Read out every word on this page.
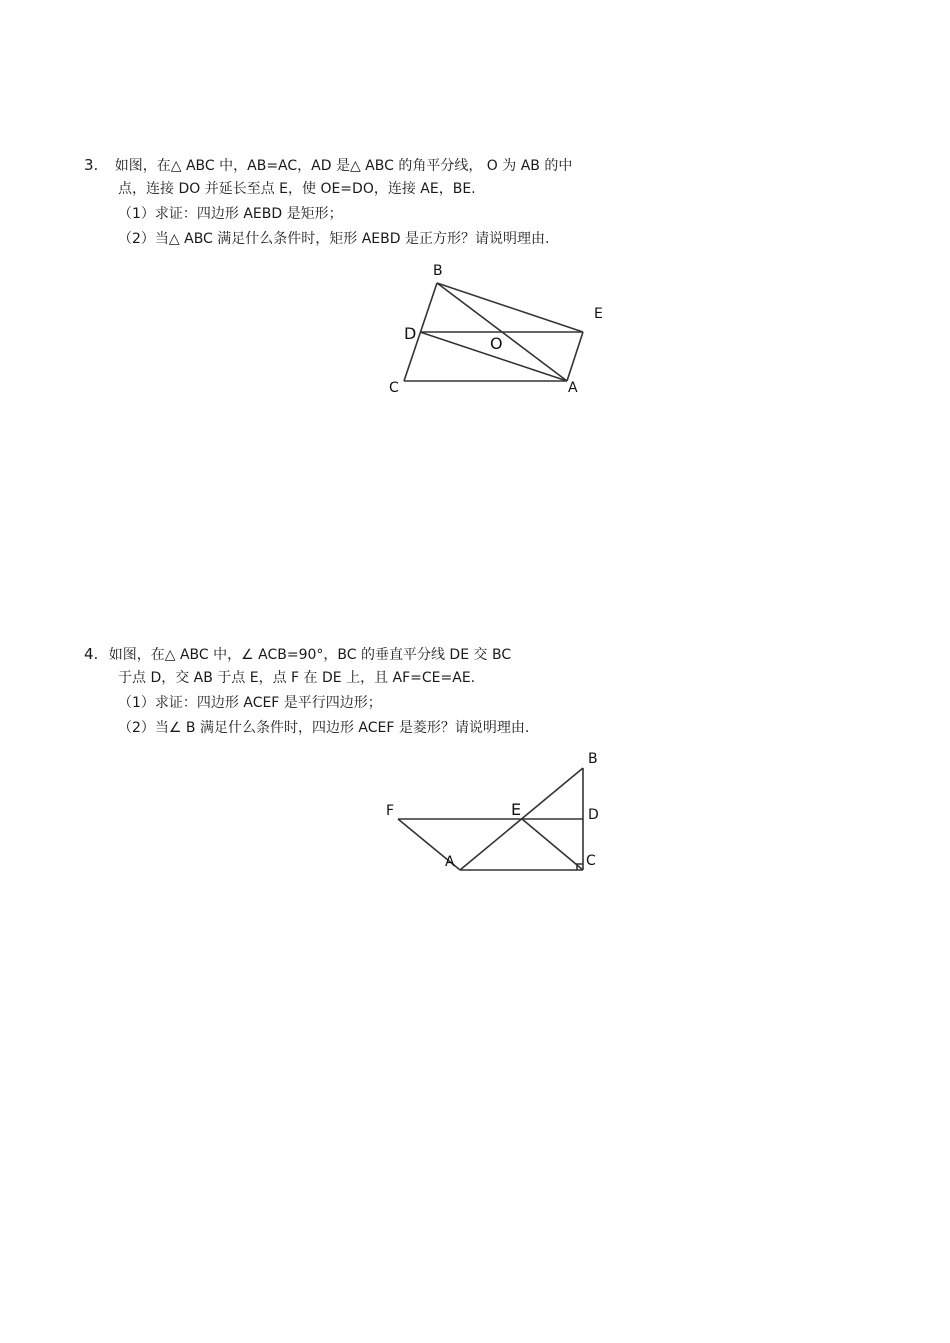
3. 如图，在△ ABC 中，AB=AC，AD 是△ ABC 的角平分线， O 为 AB 的中
点，连接 DO 并延长至点 E，使 OE=DO，连接 AE，BE.
（1）求证：四边形 AEBD 是矩形；
（2）当△ ABC 满足什么条件时，矩形 AEBD 是正方形？请说明理由.
B
E
D
O
C	A
4. 如图，在△ ABC 中，∠ ACB=90°，BC 的垂直平分线 DE 交 BC
于点 D，交 AB 于点 E，点 F 在 DE 上，且 AF=CE=AE.
（1）求证：四边形 ACEF 是平行四边形；
（2）当∠ B 满足什么条件时，四边形 ACEF 是菱形？请说明理由.
B
E	D
F
A	C
